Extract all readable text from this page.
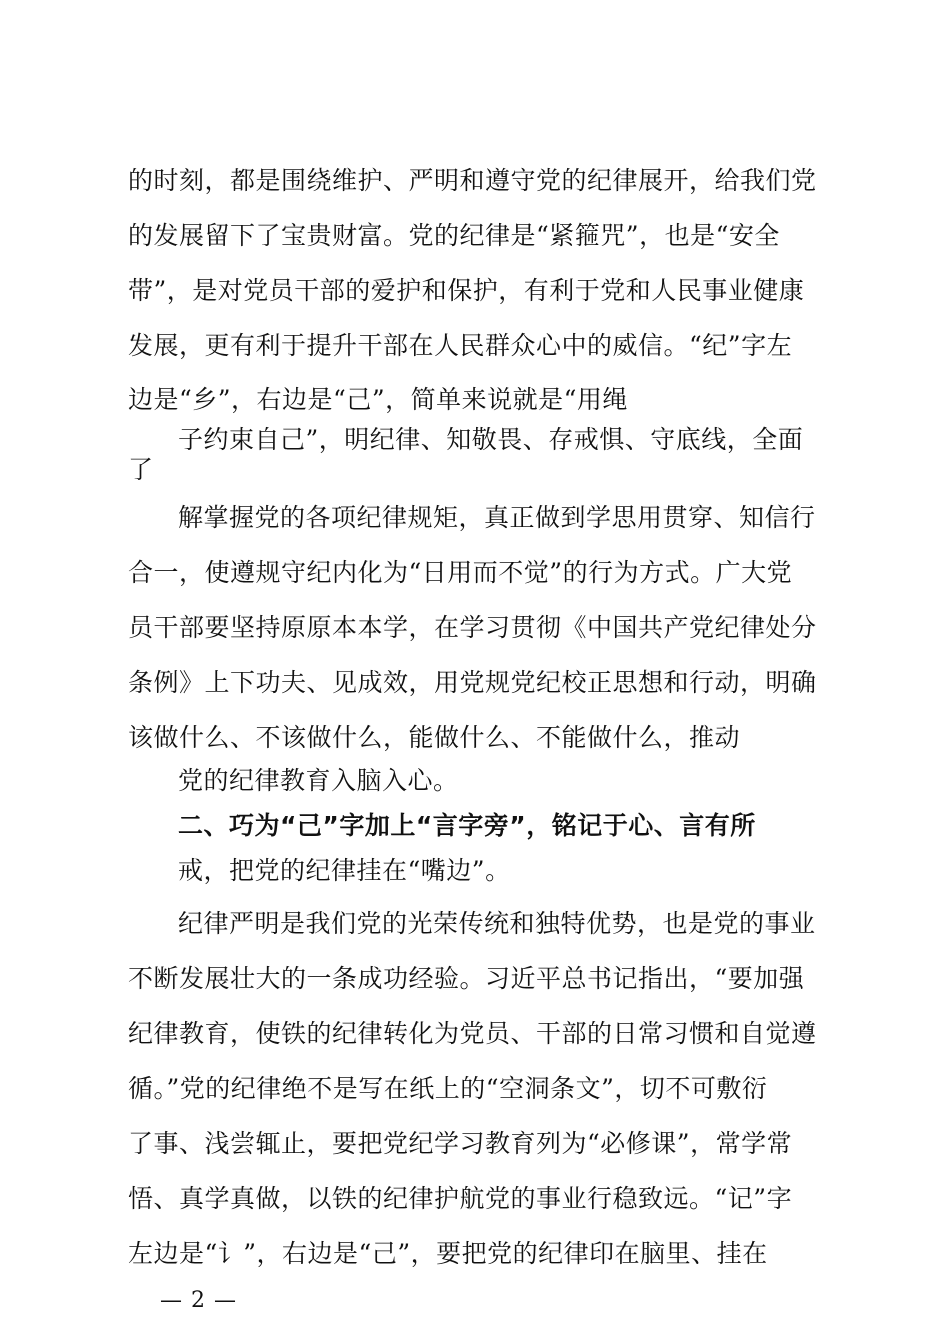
的时刻，都是围绕维护、严明和遵守党的纪律展开，给我们党
的发展留下了宝贵财富。党的纪律是“紧箍咒”，也是“安全
带”，是对党员干部的爱护和保护，有利于党和人民事业健康
发展，更有利于提升干部在人民群众心中的威信。“纪”字左
边是“乡”，右边是“己”，简单来说就是“用绳
子约束自己”，明纪律、知敬畏、存戒惧、守底线，全面
了
解掌握党的各项纪律规矩，真正做到学思用贯穿、知信行
合一，使遵规守纪内化为“日用而不觉”的行为方式。广大党
员干部要坚持原原本本学，在学习贯彻《中国共产党纪律处分
条例》上下功夫、见成效，用党规党纪校正思想和行动，明确
该做什么、不该做什么，能做什么、不能做什么，推动
党的纪律教育入脑入心。
二、巧为“己”字加上“言字旁”，铭记于心、言有所
戒，把党的纪律挂在“嘴边”。
纪律严明是我们党的光荣传统和独特优势，也是党的事业
不断发展壮大的一条成功经验。习近平总书记指出，“要加强
纪律教育，使铁的纪律转化为党员、干部的日常习惯和自觉遵
循。”党的纪律绝不是写在纸上的“空洞条文”，切不可敷衍
了事、浅尝辄止，要把党纪学习教育列为“必修课”，常学常
悟、真学真做，以铁的纪律护航党的事业行稳致远。“记”字
左边是“讠”，右边是“己”，要把党的纪律印在脑里、挂在
— 2 —
